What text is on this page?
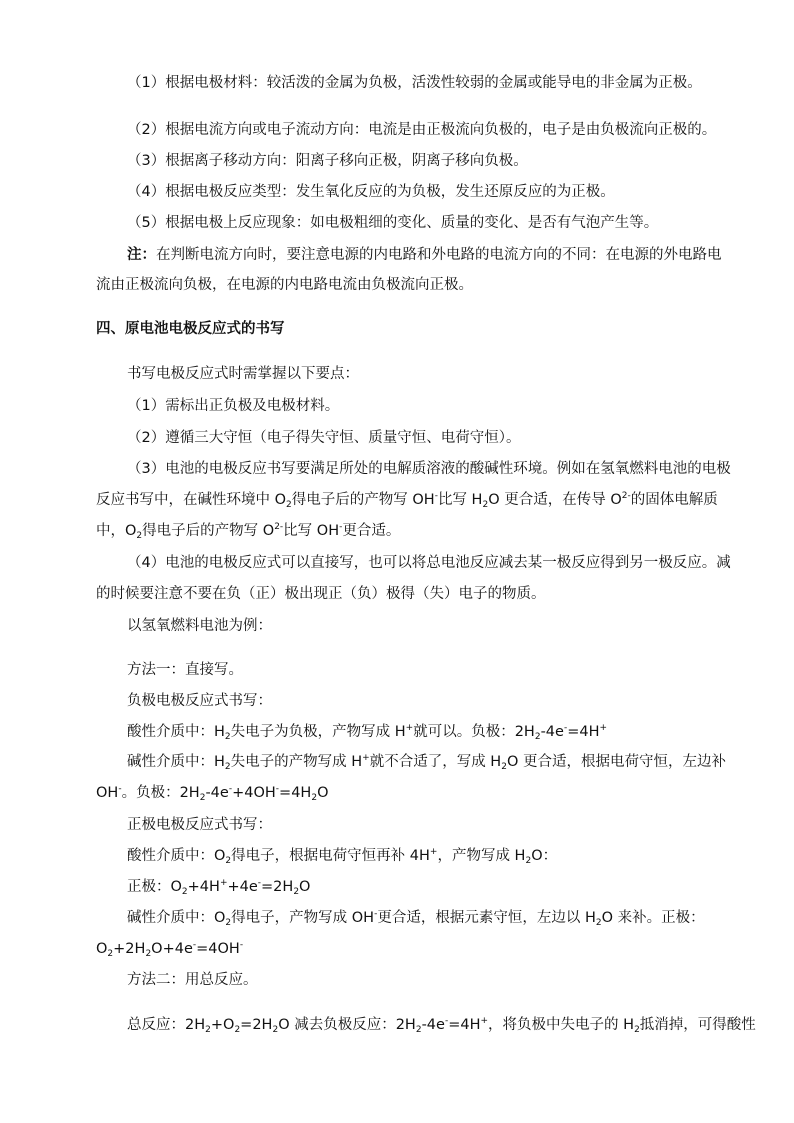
（1）根据电极材料：较活泼的金属为负极，活泼性较弱的金属或能导电的非金属为正极。
（2）根据电流方向或电子流动方向：电流是由正极流向负极的，电子是由负极流向正极的。
（3）根据离子移动方向：阳离子移向正极，阴离子移向负极。
（4）根据电极反应类型：发生氧化反应的为负极，发生还原反应的为正极。
（5）根据电极上反应现象：如电极粗细的变化、质量的变化、是否有气泡产生等。
注：在判断电流方向时，要注意电源的内电路和外电路的电流方向的不同：在电源的外电路电
流由正极流向负极，在电源的内电路电流由负极流向正极。
四、原电池电极反应式的书写
书写电极反应式时需掌握以下要点：
（1）需标出正负极及电极材料。
（2）遵循三大守恒（电子得失守恒、质量守恒、电荷守恒）。
（3）电池的电极反应书写要满足所处的电解质溶液的酸碱性环境。例如在氢氧燃料电池的电极
反应书写中，在碱性环境中 $O_2$得电子后的产物写 OH-比写 $H_2O$ 更合适，在传导 $O^{2-}$的固体电解质
中，$O_2$得电子后的产物写 $O^{2-}$比写 OH-更合适。
（4）电池的电极反应式可以直接写，也可以将总电池反应减去某一极反应得到另一极反应。减
的时候要注意不要在负（正）极出现正（负）极得（失）电子的物质。
以氢氧燃料电池为例：
方法一：直接写。
负极电极反应式书写：
酸性介质中：$H_2$失电子为负极，产物写成 H+就可以。负极：$2H_2-4e^-=4H^+$
碱性介质中：$H_2$失电子的产物写成 H+就不合适了，写成 $H_2O$ 更合适，根据电荷守恒，左边补
OH-。负极：$2H_2-4e^-+4OH^-=4H_2O$
正极电极反应式书写：
酸性介质中：$O_2$得电子，根据电荷守恒再补 4H+，产物写成 $H_2O$：
正极：$O_2+4H^++4e^-=2H_2O$
碱性介质中：$O_2$得电子，产物写成 OH-更合适，根据元素守恒，左边以 $H_2O$ 来补。正极：
$O_2+2H_2O+4e^-=4OH^-$
方法二：用总反应。
总反应：$2H_2+O_2=2H_2O$ 减去负极反应：$2H_2-4e^-=4H^+$，将负极中失电子的 $H_2$抵消掉，可得酸性
